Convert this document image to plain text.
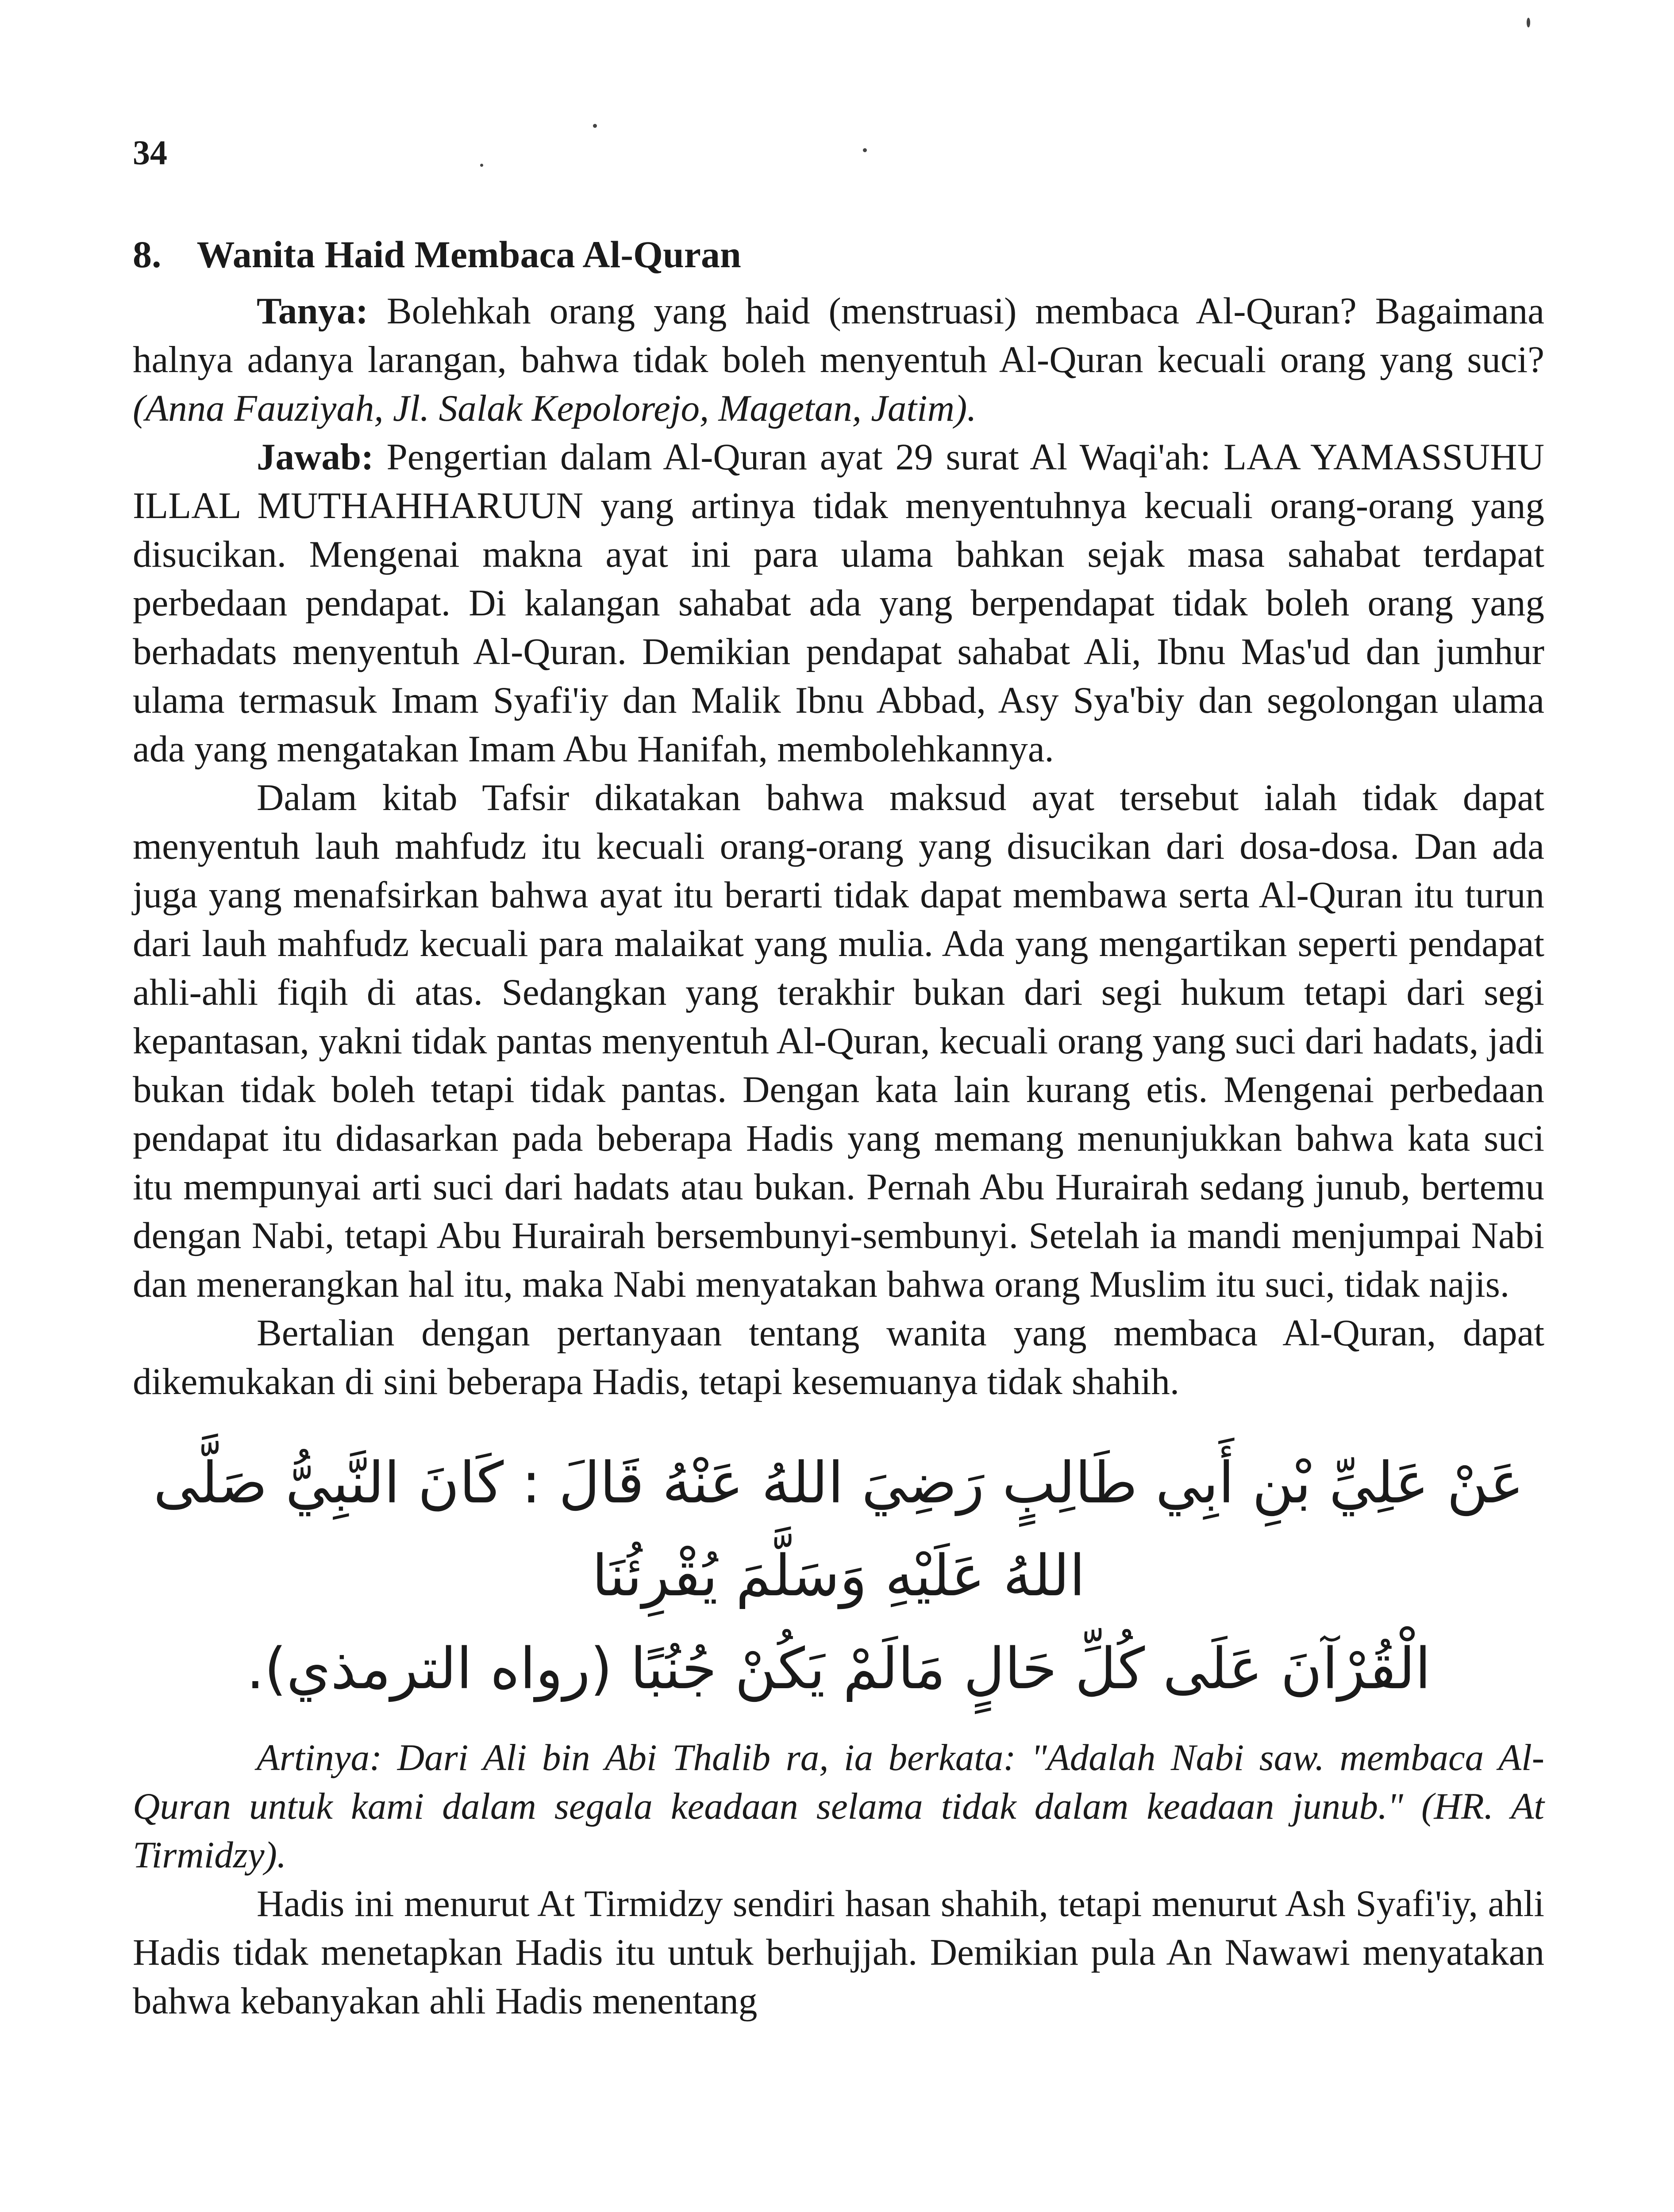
34
8. Wanita Haid Membaca Al-Quran

Tanya: Bolehkah orang yang haid (menstruasi) membaca Al-Quran? Bagaimana halnya adanya larangan, bahwa tidak boleh menyentuh Al-Quran kecuali orang yang suci? (Anna Fauziyah, Jl. Salak Kepolorejo, Magetan, Jatim).

Jawab: Pengertian dalam Al-Quran ayat 29 surat Al Waqi'ah: LAA YAMASSUHU ILLAL MUTHAHHARUUN yang artinya tidak menyentuhnya kecuali orang-orang yang disucikan. Mengenai makna ayat ini para ulama bahkan sejak masa sahabat terdapat perbedaan pendapat. Di kalangan sahabat ada yang berpendapat tidak boleh orang yang berhadats menyentuh Al-Quran. Demikian pendapat sahabat Ali, Ibnu Mas'ud dan jumhur ulama termasuk Imam Syafi'iy dan Malik Ibnu Abbad, Asy Sya'biy dan segolongan ulama ada yang mengatakan Imam Abu Hanifah, membolehkannya.

Dalam kitab Tafsir dikatakan bahwa maksud ayat tersebut ialah tidak dapat menyentuh lauh mahfudz itu kecuali orang-orang yang disucikan dari dosa-dosa. Dan ada juga yang menafsirkan bahwa ayat itu berarti tidak dapat membawa serta Al-Quran itu turun dari lauh mahfudz kecuali para malaikat yang mulia. Ada yang mengartikan seperti pendapat ahli-ahli fiqih di atas. Sedangkan yang terakhir bukan dari segi hukum tetapi dari segi kepantasan, yakni tidak pantas menyentuh Al-Quran, kecuali orang yang suci dari hadats, jadi bukan tidak boleh tetapi tidak pantas. Dengan kata lain kurang etis. Mengenai perbedaan pendapat itu didasarkan pada beberapa Hadis yang memang menunjukkan bahwa kata suci itu mempunyai arti suci dari hadats atau bukan. Pernah Abu Hurairah sedang junub, bertemu dengan Nabi, tetapi Abu Hurairah bersembunyi-sembunyi. Setelah ia mandi menjumpai Nabi dan menerangkan hal itu, maka Nabi menyatakan bahwa orang Muslim itu suci, tidak najis.

Bertalian dengan pertanyaan tentang wanita yang membaca Al-Quran, dapat dikemukakan di sini beberapa Hadis, tetapi kesemuanya tidak shahih.

عَنْ عَلِيِّ بْنِ أَبِي طَالِبٍ رَضِيَ اللهُ عَنْهُ قَالَ : كَانَ النَّبِيُّ صَلَّى اللهُ عَلَيْهِ وَسَلَّمَ يُقْرِئُنَا
الْقُرْآنَ عَلَى كُلِّ حَالٍ مَالَمْ يَكُنْ جُنُبًا (رواه الترمذي).

Artinya: Dari Ali bin Abi Thalib ra, ia berkata: "Adalah Nabi saw. membaca Al-Quran untuk kami dalam segala keadaan selama tidak dalam keadaan junub." (HR. At Tirmidzy).

Hadis ini menurut At Tirmidzy sendiri hasan shahih, tetapi menurut Ash Syafi'iy, ahli Hadis tidak menetapkan Hadis itu untuk berhujjah. Demikian pula An Nawawi menyatakan bahwa kebanyakan ahli Hadis menentang
